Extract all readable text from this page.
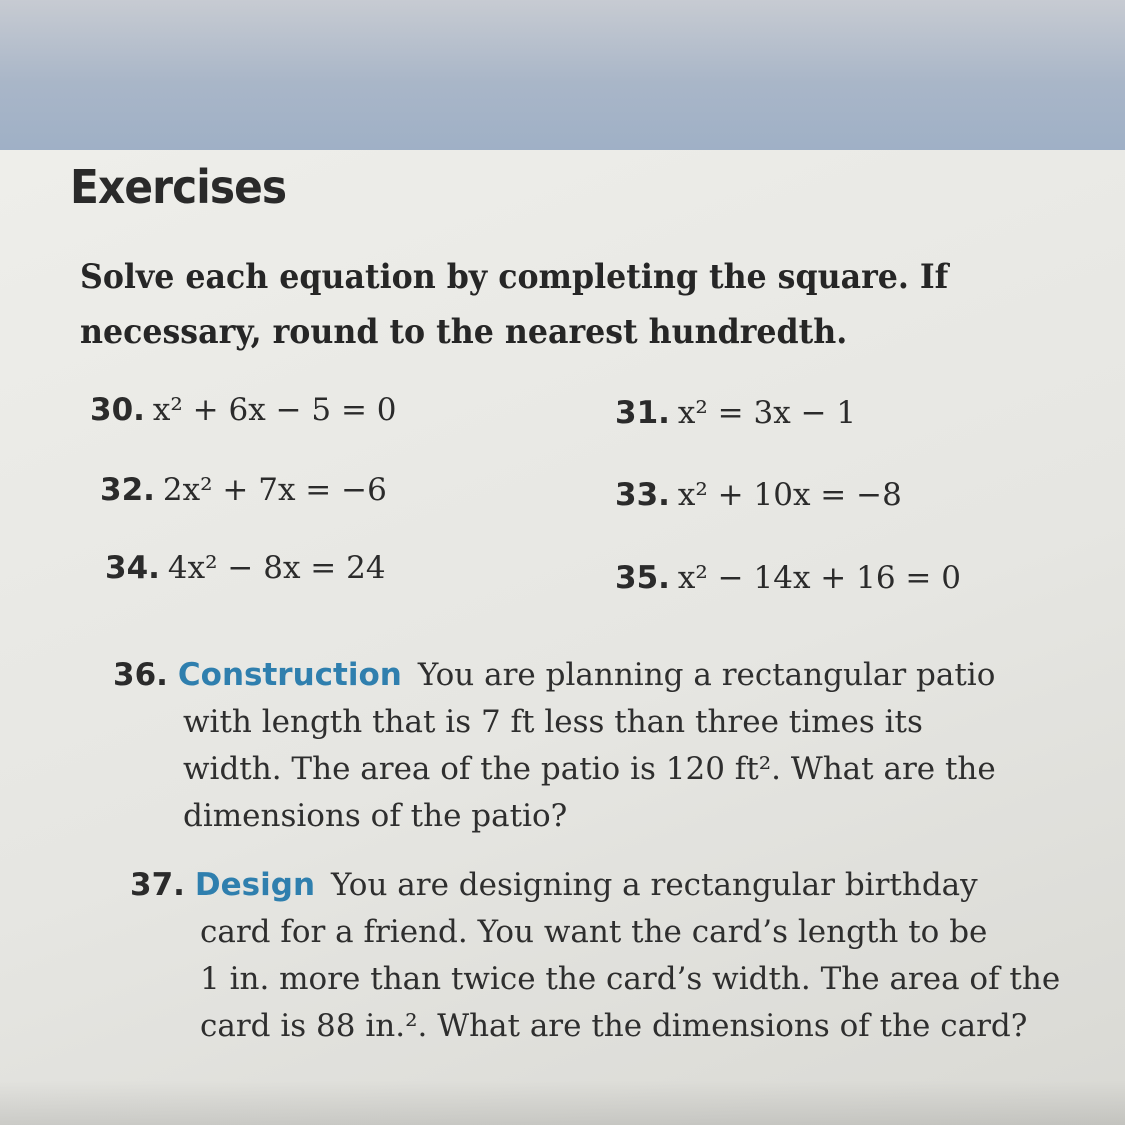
Exercises
Solve each equation by completing the square. If
necessary, round to the nearest hundredth.
30. x² + 6x − 5 = 0	31. x² = 3x − 1
32. 2x² + 7x = −6	33. x² + 10x = −8
34. 4x² − 8x = 24	35. x² − 14x + 16 = 0
36. Construction You are planning a rectangular patio
with length that is 7 ft less than three times its
width. The area of the patio is 120 ft². What are the
dimensions of the patio?
37. Design You are designing a rectangular birthday
card for a friend. You want the card’s length to be
1 in. more than twice the card’s width. The area of the
card is 88 in.². What are the dimensions of the card?
